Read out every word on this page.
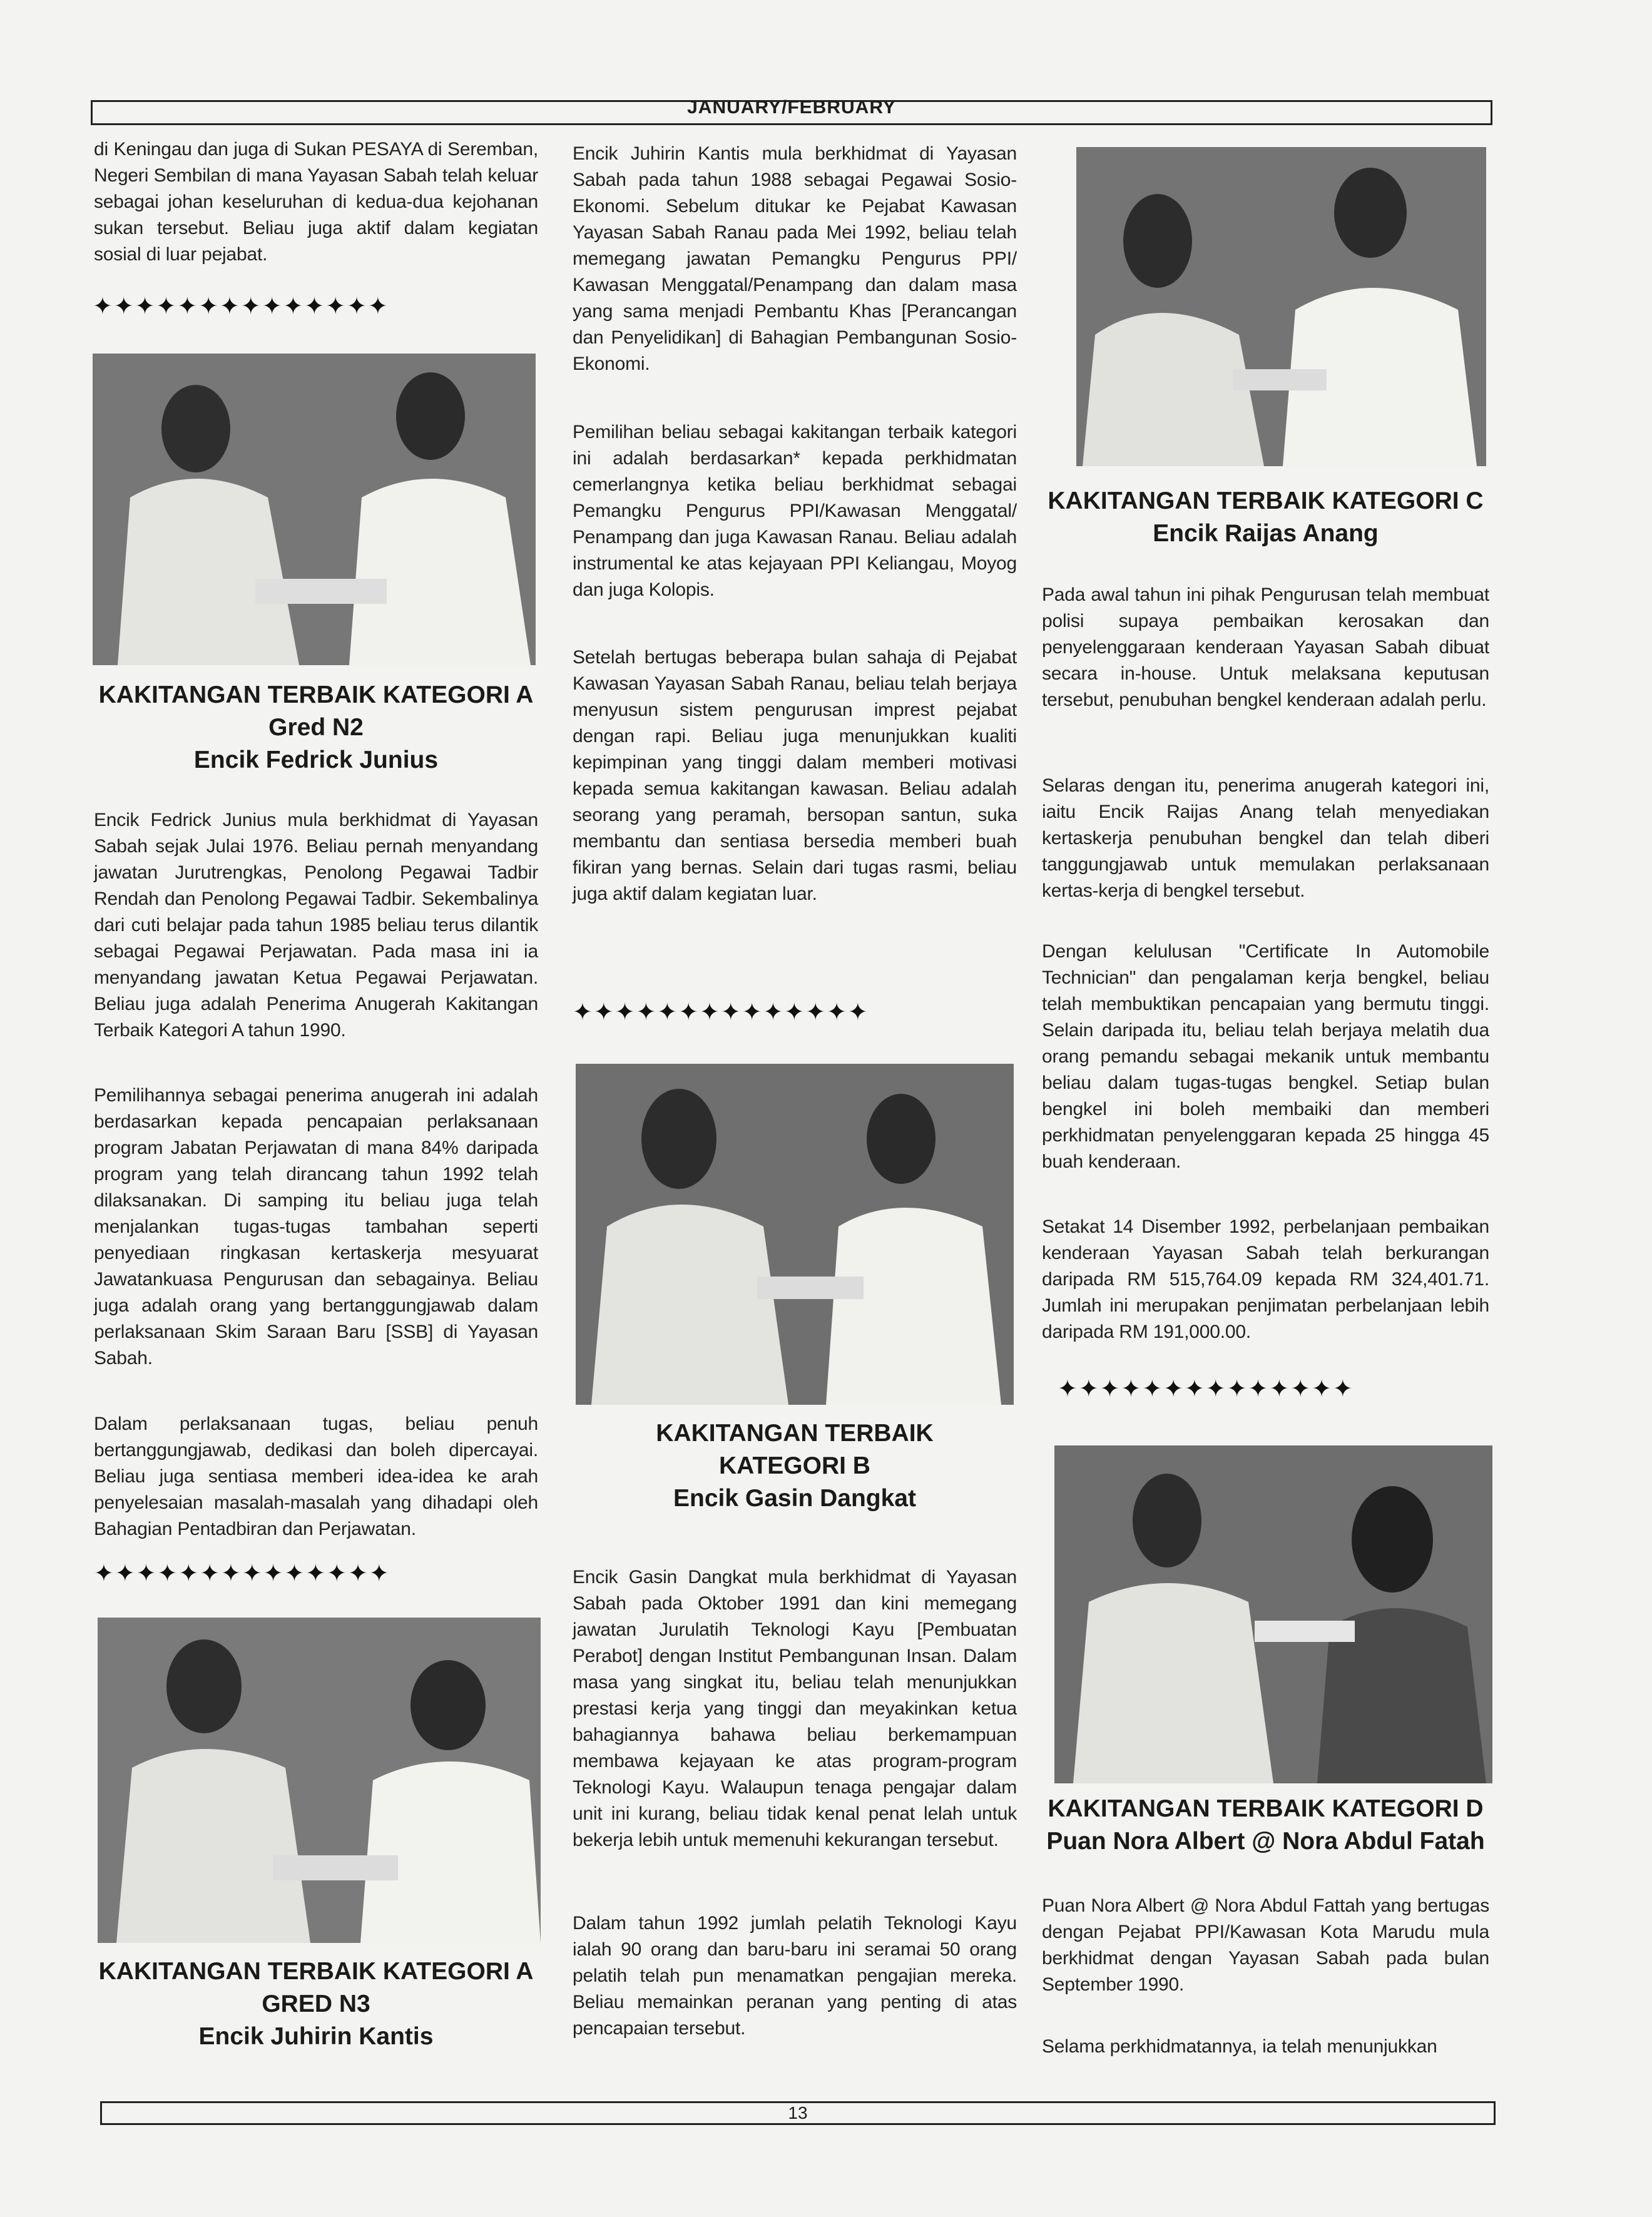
JANUARY/FEBRUARY
di Keningau dan juga di Sukan PESAYA di Seremban, Negeri Sembilan di mana Yayasan Sabah telah keluar sebagai johan keseluruhan di kedua-dua kejohanan sukan tersebut. Beliau juga aktif dalam kegiatan sosial di luar pejabat.
✦✦✦✦✦✦✦✦✦✦✦✦✦✦
KAKITANGAN TERBAIK KATEGORI A
Gred N2
Encik Fedrick Junius
Encik Fedrick Junius mula berkhidmat di Yayasan Sabah sejak Julai 1976. Beliau pernah menyandang jawatan Jurutrengkas, Penolong Pegawai Tadbir Rendah dan Penolong Pegawai Tadbir. Sekembalinya dari cuti belajar pada tahun 1985 beliau terus dilantik sebagai Pegawai Perjawatan. Pada masa ini ia menyandang jawatan Ketua Pegawai Perjawatan. Beliau juga adalah Penerima Anugerah Kakitangan Terbaik Kategori A tahun 1990.
Pemilihannya sebagai penerima anugerah ini adalah berdasarkan kepada pencapaian perlaksanaan program Jabatan Perjawatan di mana 84% daripada program yang telah dirancang tahun 1992 telah dilaksanakan. Di samping itu beliau juga telah menjalankan tugas-tugas tambahan seperti penyediaan ringkasan kertaskerja mesyuarat Jawatankuasa Pengurusan dan sebagainya. Beliau juga adalah orang yang bertanggungjawab dalam perlaksanaan Skim Saraan Baru [SSB] di Yayasan Sabah.
Dalam perlaksanaan tugas, beliau penuh bertanggungjawab, dedikasi dan boleh dipercayai. Beliau juga sentiasa memberi idea-idea ke arah penyelesaian masalah-masalah yang dihadapi oleh Bahagian Pentadbiran dan Perjawatan.
✦✦✦✦✦✦✦✦✦✦✦✦✦✦
KAKITANGAN TERBAIK KATEGORI A
GRED N3
Encik Juhirin Kantis
Encik Juhirin Kantis mula berkhidmat di Yayasan Sabah pada tahun 1988 sebagai Pegawai Sosio-Ekonomi. Sebelum ditukar ke Pejabat Kawasan Yayasan Sabah Ranau pada Mei 1992, beliau telah memegang jawatan Pemangku Pengurus PPI/ Kawasan Menggatal/Penampang dan dalam masa yang sama menjadi Pembantu Khas [Perancangan dan Penyelidikan] di Bahagian Pembangunan Sosio-Ekonomi.
Pemilihan beliau sebagai kakitangan terbaik kategori ini adalah berdasarkan* kepada perkhidmatan cemerlangnya ketika beliau berkhidmat sebagai Pemangku Pengurus PPI/Kawasan Menggatal/ Penampang dan juga Kawasan Ranau. Beliau adalah instrumental ke atas kejayaan PPI Keliangau, Moyog dan juga Kolopis.
Setelah bertugas beberapa bulan sahaja di Pejabat Kawasan Yayasan Sabah Ranau, beliau telah berjaya menyusun sistem pengurusan imprest pejabat dengan rapi. Beliau juga menunjukkan kualiti kepimpinan yang tinggi dalam memberi motivasi kepada semua kakitangan kawasan. Beliau adalah seorang yang peramah, bersopan santun, suka membantu dan sentiasa bersedia memberi buah fikiran yang bernas. Selain dari tugas rasmi, beliau juga aktif dalam kegiatan luar.
✦✦✦✦✦✦✦✦✦✦✦✦✦✦
KAKITANGAN TERBAIK
KATEGORI B
Encik Gasin Dangkat
Encik Gasin Dangkat mula berkhidmat di Yayasan Sabah pada Oktober 1991 dan kini memegang jawatan Jurulatih Teknologi Kayu [Pembuatan Perabot] dengan Institut Pembangunan Insan. Dalam masa yang singkat itu, beliau telah menunjukkan prestasi kerja yang tinggi dan meyakinkan ketua bahagiannya bahawa beliau berkemampuan membawa kejayaan ke atas program-program Teknologi Kayu. Walaupun tenaga pengajar dalam unit ini kurang, beliau tidak kenal penat lelah untuk bekerja lebih untuk memenuhi kekurangan tersebut.
Dalam tahun 1992 jumlah pelatih Teknologi Kayu ialah 90 orang dan baru-baru ini seramai 50 orang pelatih telah pun menamatkan pengajian mereka. Beliau memainkan peranan yang penting di atas pencapaian tersebut.
KAKITANGAN TERBAIK KATEGORI C
Encik Raijas Anang
Pada awal tahun ini pihak Pengurusan telah membuat polisi supaya pembaikan kerosakan dan penyelenggaraan kenderaan Yayasan Sabah dibuat secara in-house. Untuk melaksana keputusan tersebut, penubuhan bengkel kenderaan adalah perlu.
Selaras dengan itu, penerima anugerah kategori ini, iaitu Encik Raijas Anang telah menyediakan kertaskerja penubuhan bengkel dan telah diberi tanggungjawab untuk memulakan perlaksanaan kertas-kerja di bengkel tersebut.
Dengan kelulusan "Certificate In Automobile Technician" dan pengalaman kerja bengkel, beliau telah membuktikan pencapaian yang bermutu tinggi. Selain daripada itu, beliau telah berjaya melatih dua orang pemandu sebagai mekanik untuk membantu beliau dalam tugas-tugas bengkel. Setiap bulan bengkel ini boleh membaiki dan memberi perkhidmatan penyelenggaran kepada 25 hingga 45 buah kenderaan.
Setakat 14 Disember 1992, perbelanjaan pembaikan kenderaan Yayasan Sabah telah berkurangan daripada RM 515,764.09 kepada RM 324,401.71. Jumlah ini merupakan penjimatan perbelanjaan lebih daripada RM 191,000.00.
✦✦✦✦✦✦✦✦✦✦✦✦✦✦
KAKITANGAN TERBAIK KATEGORI D
Puan Nora Albert @ Nora Abdul Fatah
Puan Nora Albert @ Nora Abdul Fattah yang bertugas dengan Pejabat PPI/Kawasan Kota Marudu mula berkhidmat dengan Yayasan Sabah pada bulan September 1990.
Selama perkhidmatannya, ia telah menunjukkan
13
